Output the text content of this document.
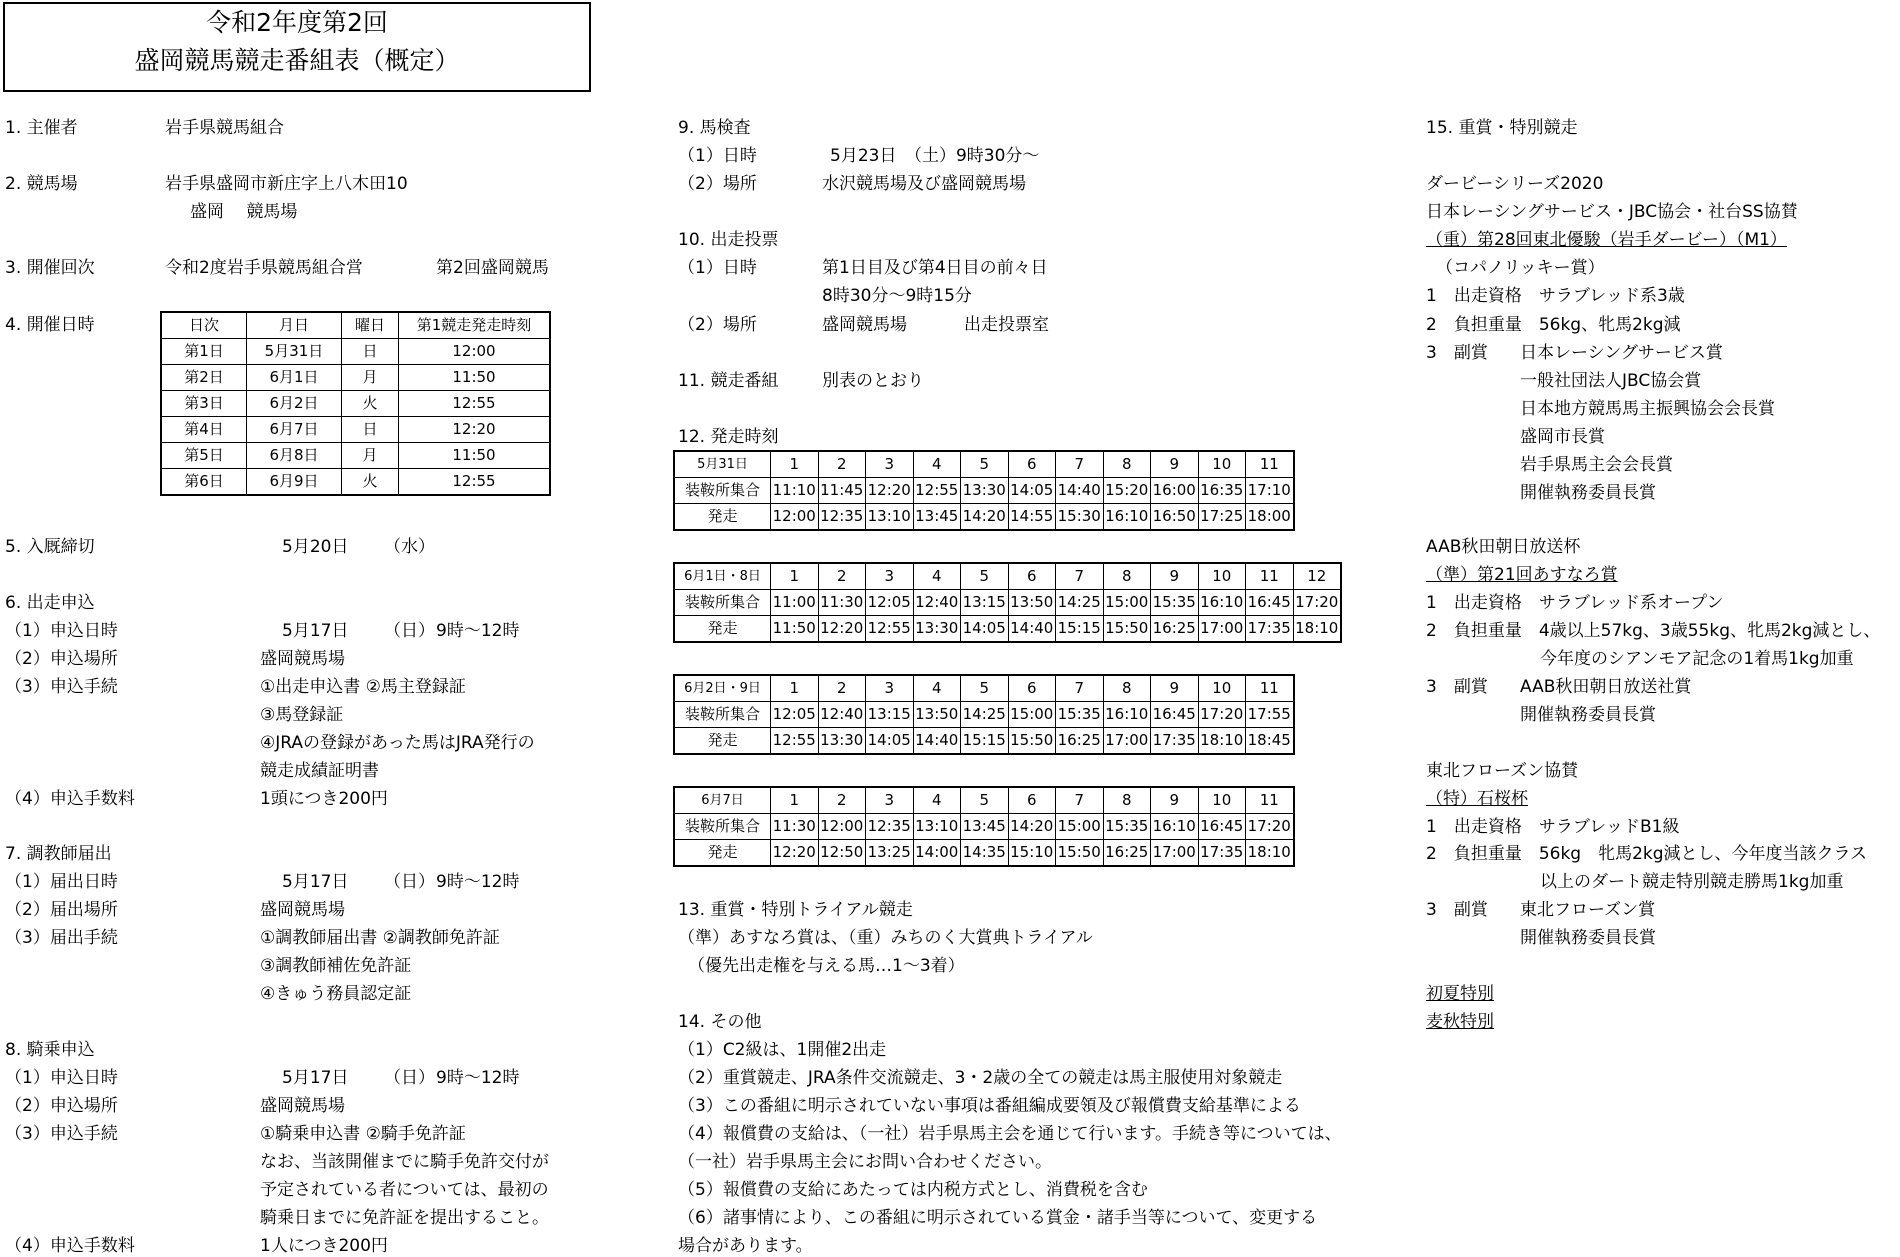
令和2年度第2回
盛岡競馬競走番組表（概定）
1. 主催者	岩手県競馬組合
2. 競馬場	岩手県盛岡市新庄字上八木田10
盛岡　 競馬場
3. 開催回次	令和2度岩手県競馬組合営	第2回盛岡競馬
4. 開催日時	日次	月日	曜日	第1競走発走時刻
第1日	5月31日	日	12:00
第2日	6月1日	月	11:50
第3日	6月2日	火	12:55
第4日	6月7日	日	12:20
第5日	6月8日	月	11:50
第6日	6月9日	火	12:55
5. 入厩締切	5月20日 （水）
6. 出走申込
（1）申込日時	5月17日 （日） 9時～12時
（2）申込場所	盛岡競馬場
（3）申込手続	①出走申込書 ②馬主登録証
③馬登録証
④JRAの登録があった馬はJRA発行の
競走成績証明書
（4）申込手数料	1頭につき200円
7. 調教師届出
（1）届出日時	5月17日 （日） 9時～12時
（2）届出場所	盛岡競馬場
（3）届出手続	①調教師届出書 ②調教師免許証
③調教師補佐免許証
④きゅう務員認定証
8. 騎乗申込
（1）申込日時	5月17日 （日） 9時～12時
（2）申込場所	盛岡競馬場
（3）申込手続	①騎乗申込書 ②騎手免許証
なお、当該開催までに騎手免許交付が
予定されている者については、最初の
騎乗日までに免許証を提出すること。
（4）申込手数料	1人につき200円
9. 馬検査
（1）日時	5月23日　（土）9時30分～
（2）場所	水沢競馬場及び盛岡競馬場
10. 出走投票
（1）日時	第1日目及び第4日目の前々日
8時30分～9時15分
（2）場所	盛岡競馬場	出走投票室
11. 競走番組	別表のとおり
12. 発走時刻
5月31日	1	2	3	4	5	6	7	8	9	10	11
装鞍所集合	11:10	11:45	12:20	12:55	13:30	14:05	14:40	15:20	16:00	16:35	17:10
発走	12:00	12:35	13:10	13:45	14:20	14:55	15:30	16:10	16:50	17:25	18:00
6月1日・8日	1	2	3	4	5	6	7	8	9	10	11	12
装鞍所集合	11:00	11:30	12:05	12:40	13:15	13:50	14:25	15:00	15:35	16:10	16:45	17:20
発走	11:50	12:20	12:55	13:30	14:05	14:40	15:15	15:50	16:25	17:00	17:35	18:10
6月2日・9日	1	2	3	4	5	6	7	8	9	10	11
装鞍所集合	12:05	12:40	13:15	13:50	14:25	15:00	15:35	16:10	16:45	17:20	17:55
発走	12:55	13:30	14:05	14:40	15:15	15:50	16:25	17:00	17:35	18:10	18:45
6月7日	1	2	3	4	5	6	7	8	9	10	11
装鞍所集合	11:30	12:00	12:35	13:10	13:45	14:20	15:00	15:35	16:10	16:45	17:20
発走	12:20	12:50	13:25	14:00	14:35	15:10	15:50	16:25	17:00	17:35	18:10
13. 重賞・特別トライアル競走
（準）あすなろ賞は、（重）みちのく大賞典トライアル
（優先出走権を与える馬…1～3着）
14. その他
（1）C2級は、1開催2出走
（2）重賞競走、JRA条件交流競走、3・2歳の全ての競走は馬主服使用対象競走
（3）この番組に明示されていない事項は番組編成要領及び報償費支給基準による
（4）報償費の支給は、（一社）岩手県馬主会を通じて行います。手続き等については、
（一社）岩手県馬主会にお問い合わせください。
（5）報償費の支給にあたっては内税方式とし、消費税を含む
（6）諸事情により、この番組に明示されている賞金・諸手当等について、変更する
場合があります。
15. 重賞・特別競走
ダービーシリーズ2020
日本レーシングサービス・JBC協会・社台SS協賛
（重）第28回東北優駿（岩手ダービー）（M1）
（コパノリッキー賞）
1　出走資格　サラブレッド系3歳
2　負担重量　56kg、牝馬2kg減
3　副賞 日本レーシングサービス賞
一般社団法人JBC協会賞
日本地方競馬馬主振興協会会長賞
盛岡市長賞
岩手県馬主会会長賞
開催執務委員長賞
AAB秋田朝日放送杯
（準）第21回あすなろ賞
1　出走資格　サラブレッド系オープン
2　負担重量　4歳以上57kg、3歳55kg、牝馬2kg減とし、
今年度のシアンモア記念の1着馬1kg加重
3　副賞 AAB秋田朝日放送社賞
開催執務委員長賞
東北フローズン協賛
（特）石桜杯
1　出走資格　サラブレッドB1級
2　負担重量　56kg　牝馬2kg減とし、今年度当該クラス
以上のダート競走特別競走勝馬1kg加重
3　副賞 東北フローズン賞
開催執務委員長賞
初夏特別
麦秋特別
